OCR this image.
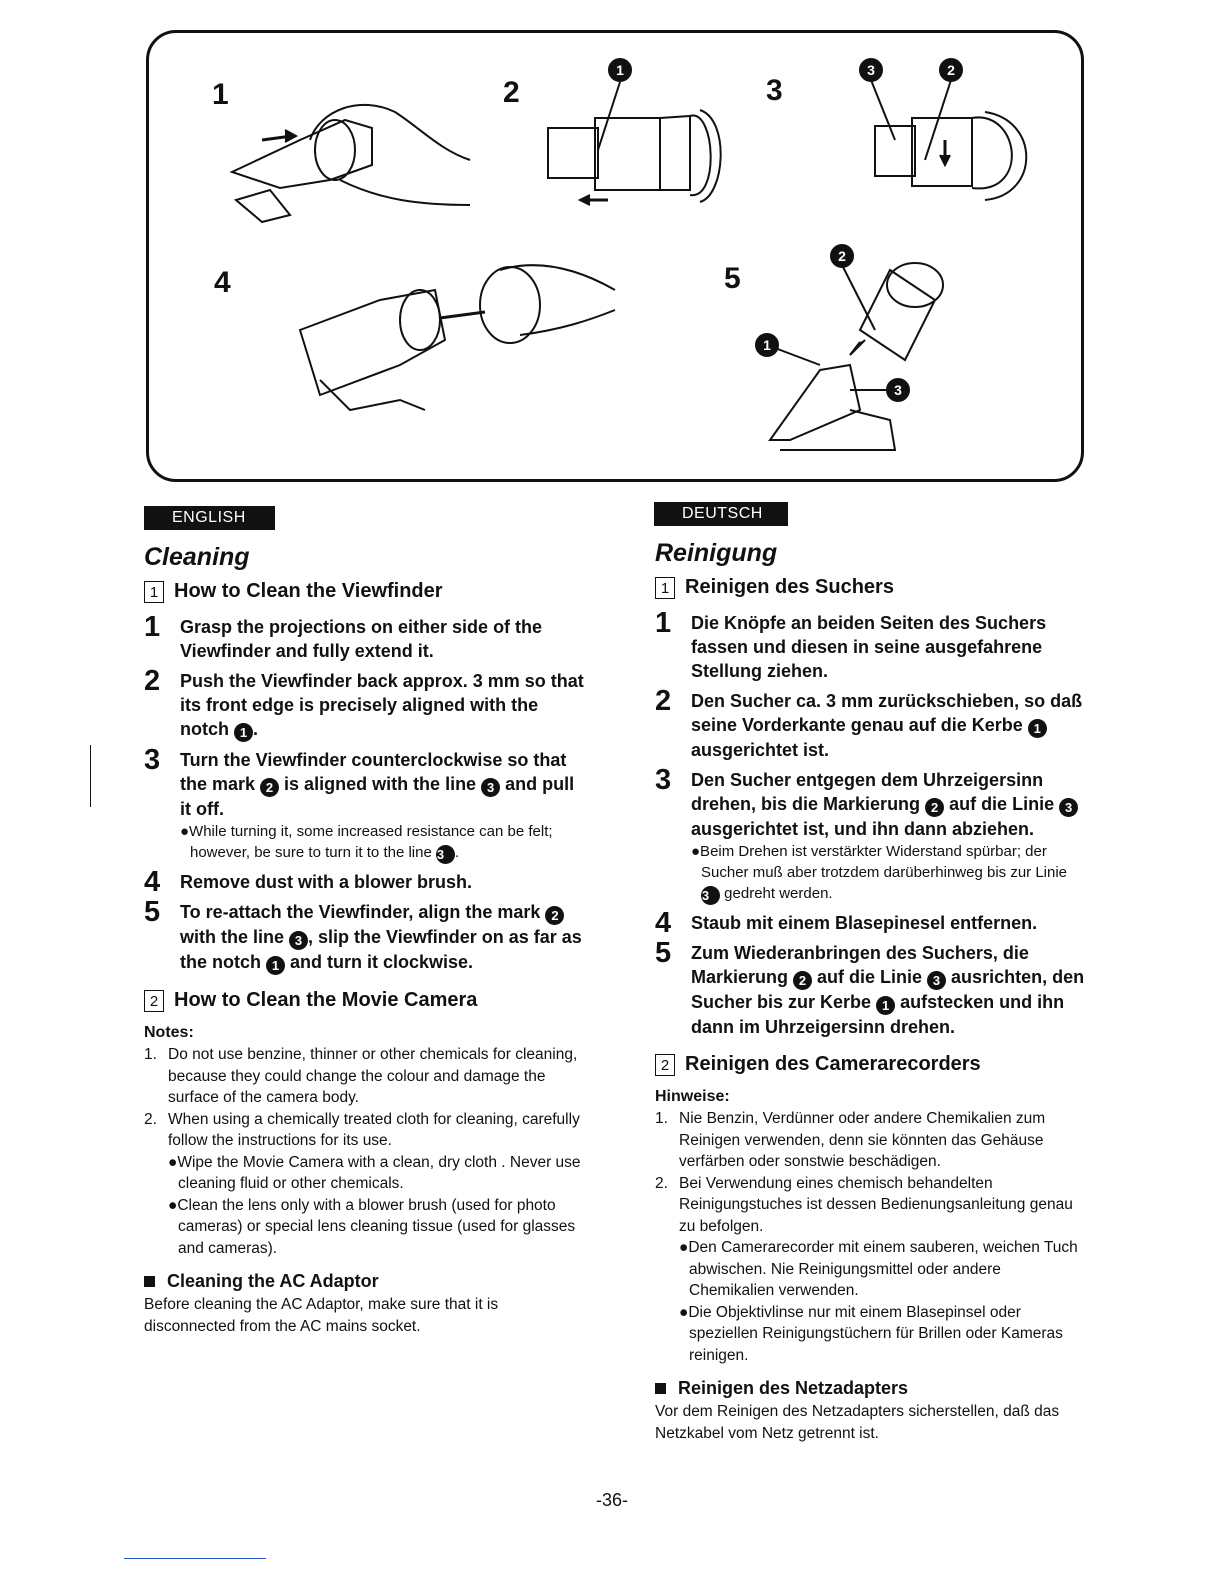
1	2	3
4	5
1	3	2
2
1
3
ENGLISH
Cleaning
1 How to Clean the Viewfinder
1	Grasp the projections on either side of the Viewfinder and fully extend it.
2	Push the Viewfinder back approx. 3 mm so that its front edge is precisely aligned with the notch 1 .
3	Turn the Viewfinder counterclockwise so that the mark 2 is aligned with the line 3 and pull it off.
●While turning it, some increased resistance can be felt; however, be sure to turn it to the line 3 .
4	Remove dust with a blower brush.
5	To re-attach the Viewfinder, align the mark 2 with the line 3 , slip the Viewfinder on as far as the notch 1 and turn it clockwise.
2 How to Clean the Movie Camera
Notes:
1. Do not use benzine, thinner or other chemicals for cleaning, because they could change the colour and damage the surface of the camera body.
2. When using a chemically treated cloth for cleaning, carefully follow the instructions for its use.
●Wipe the Movie Camera with a clean, dry cloth . Never use cleaning fluid or other chemicals.
●Clean the lens only with a blower brush (used for photo cameras) or special lens cleaning tissue (used for glasses and cameras).
Cleaning the AC Adaptor
Before cleaning the AC Adaptor, make sure that it is disconnected from the AC mains socket.
DEUTSCH
Reinigung
1 Reinigen des Suchers
1	Die Knöpfe an beiden Seiten des Suchers fassen und diesen in seine ausgefahrene Stellung ziehen.
2	Den Sucher ca. 3 mm zurückschieben, so daß seine Vorderkante genau auf die Kerbe 1 ausgerichtet ist.
3	Den Sucher entgegen dem Uhrzeigersinn drehen, bis die Markierung 2 auf die Linie 3 ausgerichtet ist, und ihn dann abziehen.
●Beim Drehen ist verstärkter Widerstand spürbar; der Sucher muß aber trotzdem darüberhinweg bis zur Linie 3 gedreht werden.
4	Staub mit einem Blasepinesel entfernen.
5	Zum Wiederanbringen des Suchers, die Markierung 2 auf die Linie 3 ausrichten, den Sucher bis zur Kerbe 1 aufstecken und ihn dann im Uhrzeigersinn drehen.
2 Reinigen des Camerarecorders
Hinweise:
1. Nie Benzin, Verdünner oder andere Chemikalien zum Reinigen verwenden, denn sie könnten das Gehäuse verfärben oder sonstwie beschädigen.
2. Bei Verwendung eines chemisch behandelten Reinigungstuches ist dessen Bedienungsanleitung genau zu befolgen.
●Den Camerarecorder mit einem sauberen, weichen Tuch abwischen. Nie Reinigungsmittel oder andere Chemikalien verwenden.
●Die Objektivlinse nur mit einem Blasepinsel oder speziellen Reinigungstüchern für Brillen oder Kameras reinigen.
Reinigen des Netzadapters
Vor dem Reinigen des Netzadapters sicherstellen, daß das Netzkabel vom Netz getrennt ist.
-36-
